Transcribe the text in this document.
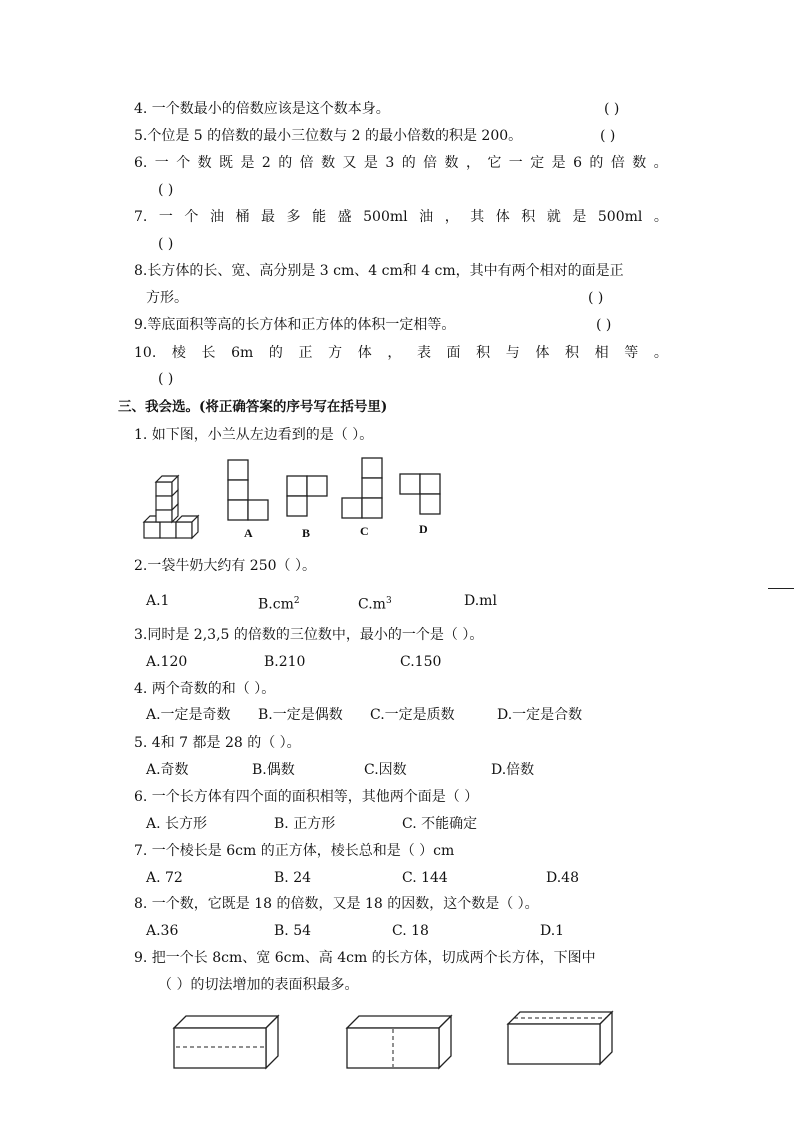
4. 一个数最小的倍数应该是这个数本身。	( )
5.个位是 5 的倍数的最小三位数与 2 的最小倍数的积是 200。	( )
6. 一 个 数 既 是 2 的 倍 数 又 是 3 的 倍 数 ， 它 一 定 是 6 的 倍 数 。
( )
7. 一 个 油 桶 最 多 能 盛 500ml 油 ， 其 体 积 就 是 500ml 。
( )
8.长方体的长、宽、高分别是 3 cm、4 cm和 4 cm，其中有两个相对的面是正
方形。	( )
9.等底面积等高的长方体和正方体的体积一定相等。	( )
10. 棱 长 6m 的 正 方 体 ， 表 面 积 与 体 积 相 等 。
( )
三、我会选。(将正确答案的序号写在括号里)
1. 如下图，小兰从左边看到的是（ ）。
A	B	C	D
2.一袋牛奶大约有 250（ ）。
A.1	$B.cm^2$	$C.m^3$	D.ml
3.同时是 2,3,5 的倍数的三位数中，最小的一个是（ ）。
A.120	B.210	C.150
4. 两个奇数的和（ ）。
A.一定是奇数 B.一定是偶数 C.一定是质数	D.一定是合数
5. 4和 7 都是 28 的（ ）。
A.奇数	B.偶数	C.因数	D.倍数
6. 一个长方体有四个面的面积相等，其他两个面是（ ）
A. 长方形	B. 正方形	C. 不能确定
7. 一个棱长是 6cm 的正方体，棱长总和是（ ）cm
A. 72	B. 24	C. 144	D.48
8. 一个数，它既是 18 的倍数，又是 18 的因数，这个数是（ ）。
A.36	B. 54	C. 18	D.1
9. 把一个长 8cm、宽 6cm、高 4cm 的长方体，切成两个长方体，下图中
（ ）的切法增加的表面积最多。
